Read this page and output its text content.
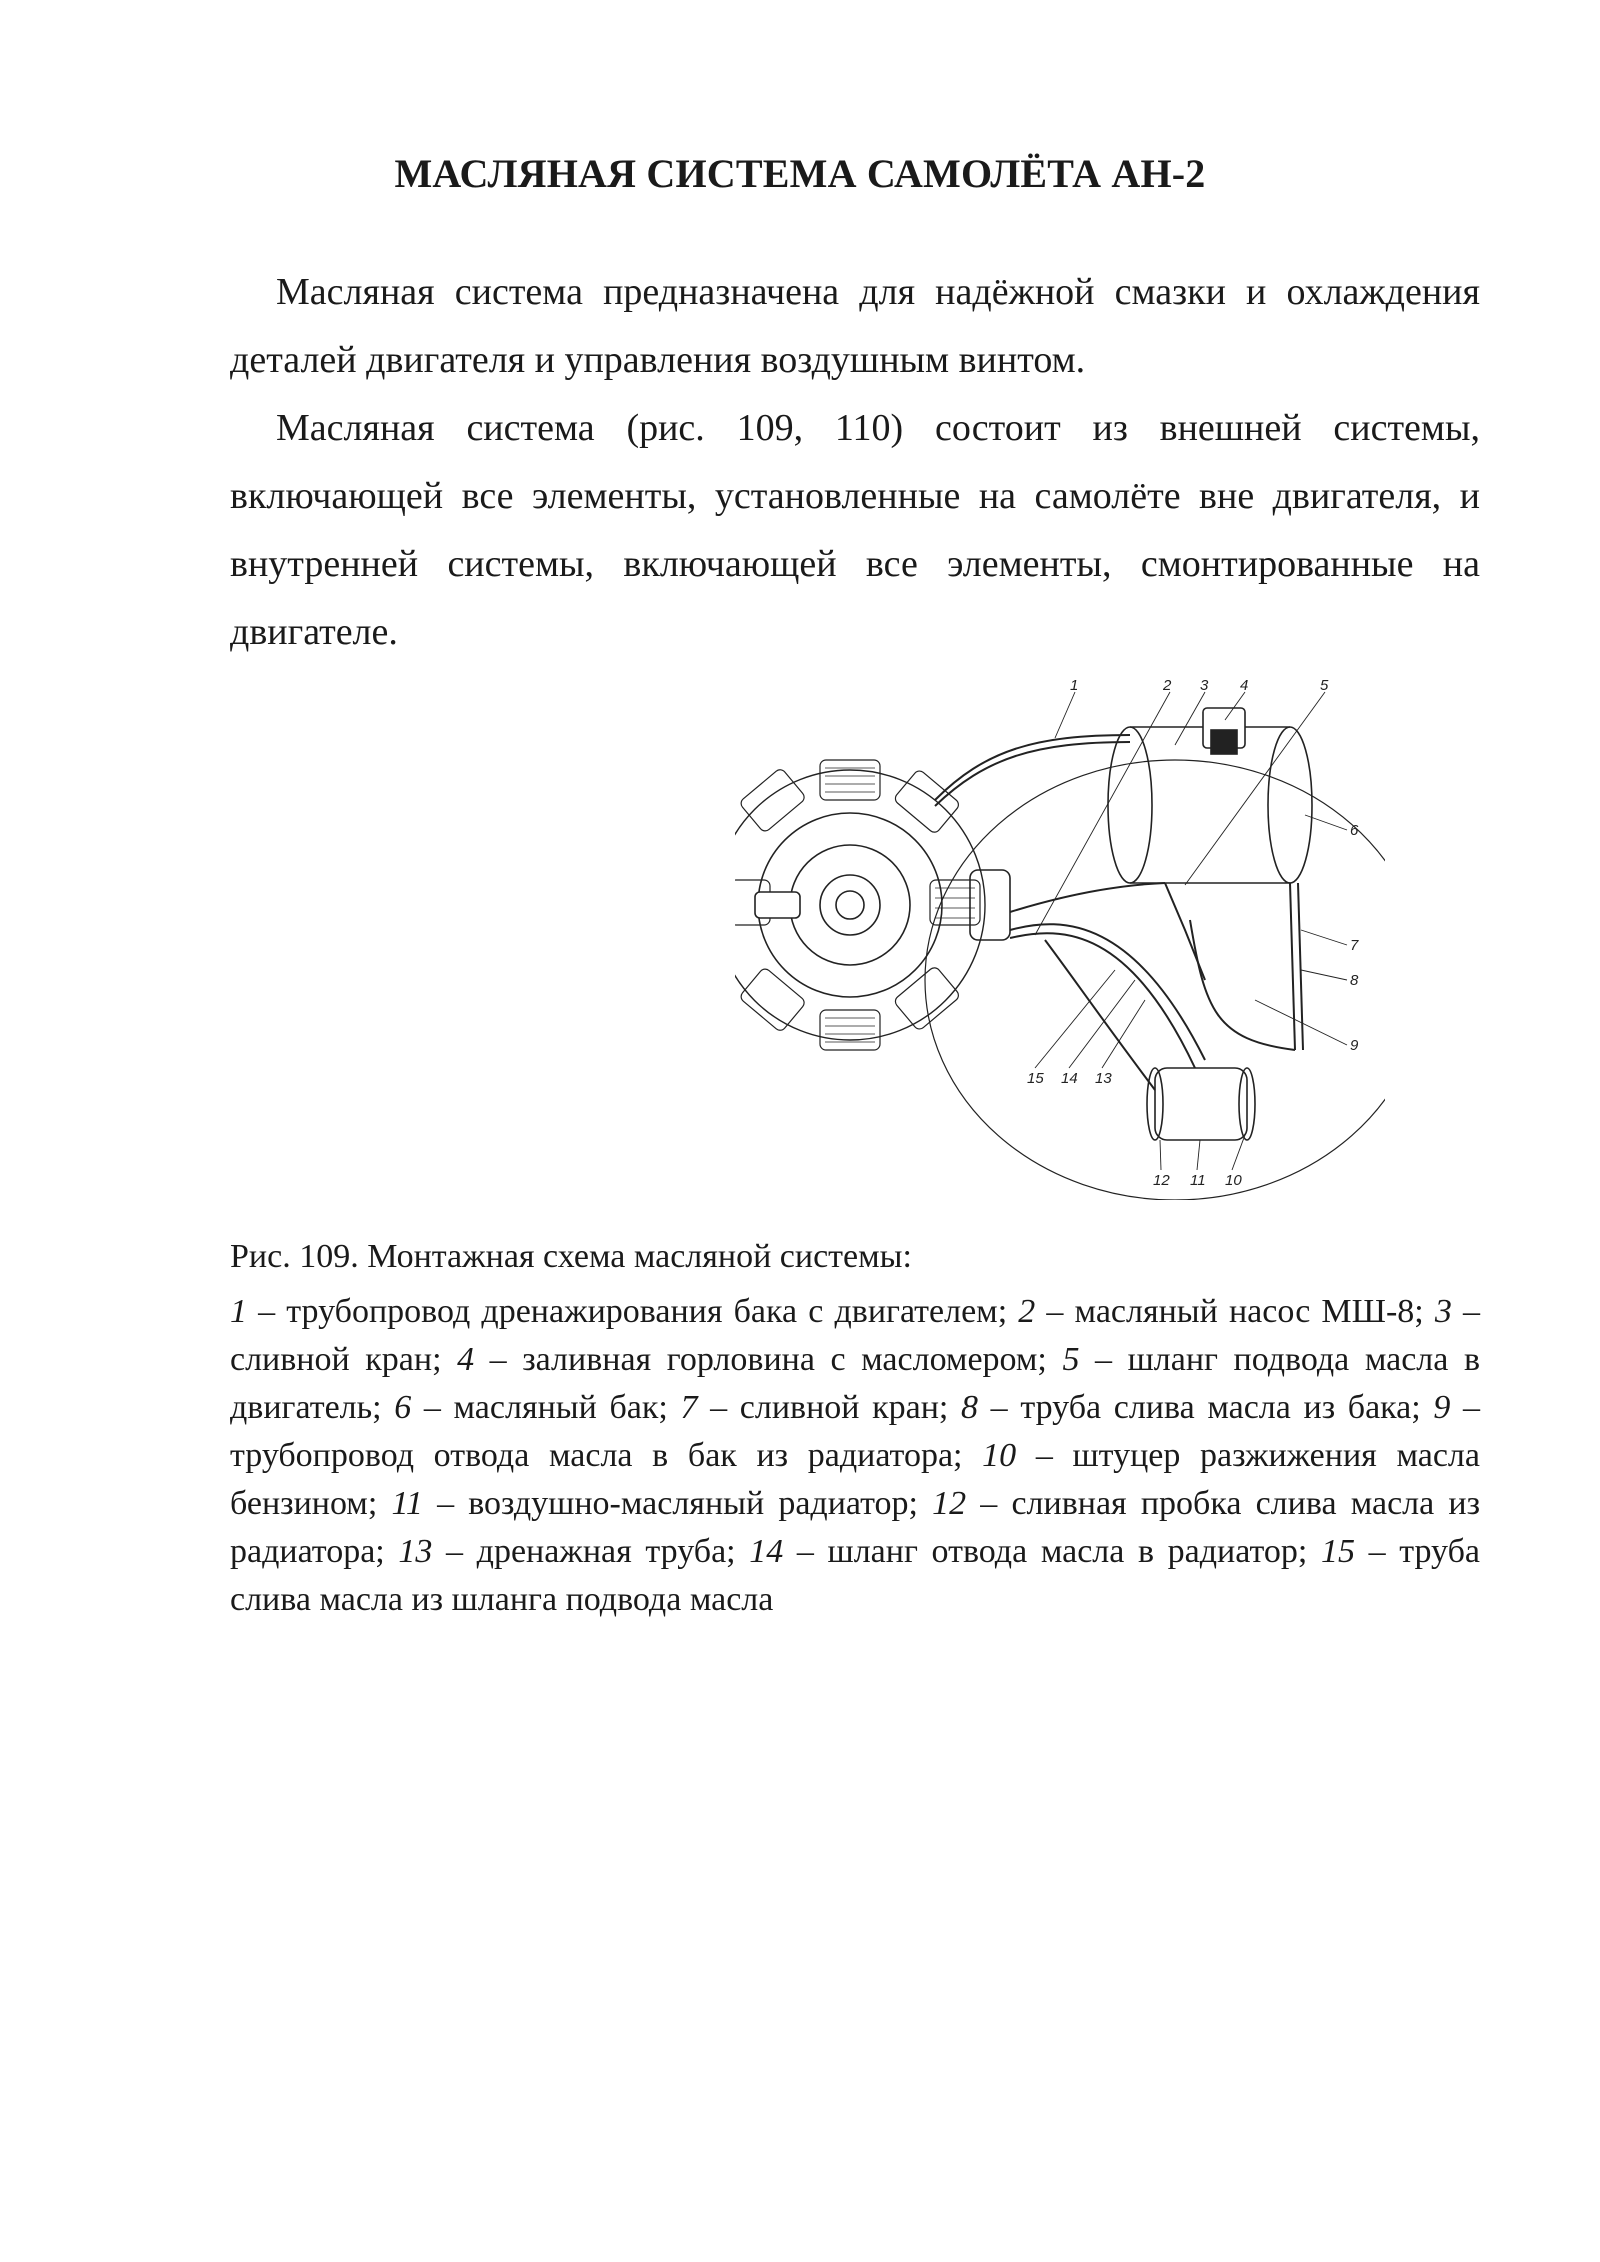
МАСЛЯНАЯ СИСТЕМА САМОЛЁТА АН-2

Масляная система предназначена для надёжной смазки и охлаждения деталей двигателя и управления воздушным винтом.

Масляная система (рис. 109, 110) состоит из внешней системы, включающей все элементы, установленные на самолёте вне двигателя, и внутренней системы, включающей все элементы, смонтированные на двигателе.

1	2 3 4	5
6
7
8
9
10
11
12
13
14
15

Рис. 109. Монтажная схема масляной системы:

1 – трубопровод дренажирования бака с двигателем; 2 – масляный насос МШ-8; 3 – сливной кран; 4 – заливная горловина с масломером; 5 – шланг подвода масла в двигатель; 6 – масляный бак; 7 – сливной кран; 8 – труба слива масла из бака; 9 – трубопровод отвода масла в бак из радиатора; 10 – штуцер разжижения масла бензином; 11 – воздушно-масляный радиатор; 12 – сливная пробка слива масла из радиатора; 13 – дренажная труба; 14 – шланг отвода масла в радиатор; 15 – труба слива масла из шланга подвода масла
